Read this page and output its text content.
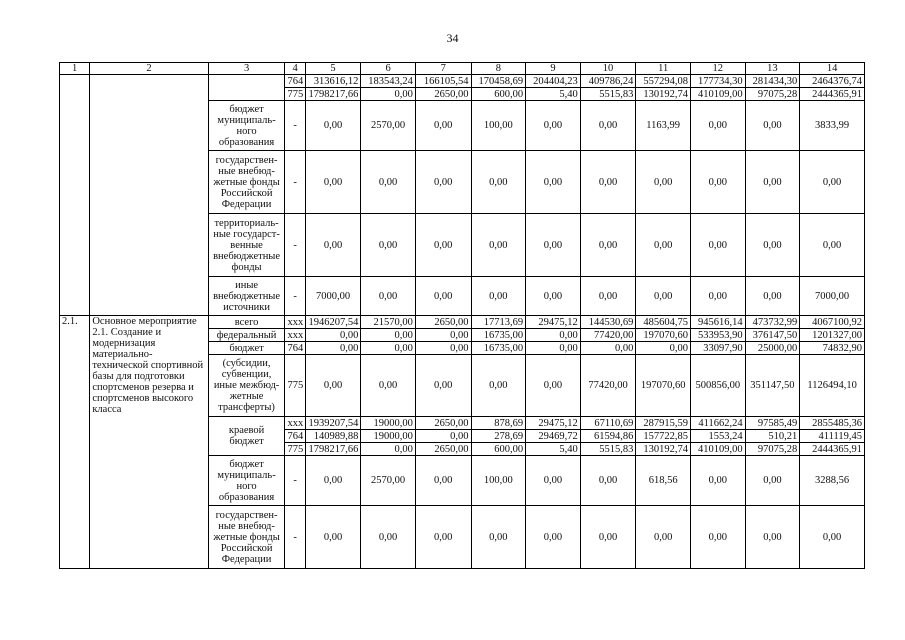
34
1	2	3	4	5	6	7	8	9	10	11	12	13	14
			764	313616,12	183543,24	166105,54	170458,69	204404,23	409786,24	557294,08	177734,30	281434,30	2464376,74
			775	1798217,66	0,00	2650,00	600,00	5,40	5515,83	130192,74	410109,00	97075,28	2444365,91
		бюджет муниципаль-ного образования	-	0,00	2570,00	0,00	100,00	0,00	0,00	1163,99	0,00	0,00	3833,99
		государствен-ные внебюд-жетные фонды Российской Федерации	-	0,00	0,00	0,00	0,00	0,00	0,00	0,00	0,00	0,00	0,00
		территориаль-ные государст-венные внебюджетные фонды	-	0,00	0,00	0,00	0,00	0,00	0,00	0,00	0,00	0,00	0,00
		иные внебюджетные источники	-	7000,00	0,00	0,00	0,00	0,00	0,00	0,00	0,00	0,00	7000,00
2.1.	Основное мероприятие 2.1. Создание и модернизация материально-технической спортивной базы для подготовки спортсменов резерва и спортсменов высокого класса	всего	xxx	1946207,54	21570,00	2650,00	17713,69	29475,12	144530,69	485604,75	945616,14	473732,99	4067100,92
		федеральный	xxx	0,00	0,00	0,00	16735,00	0,00	77420,00	197070,60	533953,90	376147,50	1201327,00
		бюджет	764	0,00	0,00	0,00	16735,00	0,00	0,00	0,00	33097,90	25000,00	74832,90
		(субсидии, субвенции, иные межбюд-жетные трансферты)	775	0,00	0,00	0,00	0,00	0,00	77420,00	197070,60	500856,00	351147,50	1126494,10
		краевой бюджет	xxx	1939207,54	19000,00	2650,00	878,69	29475,12	67110,69	287915,59	411662,24	97585,49	2855485,36
			764	140989,88	19000,00	0,00	278,69	29469,72	61594,86	157722,85	1553,24	510,21	411119,45
			775	1798217,66	0,00	2650,00	600,00	5,40	5515,83	130192,74	410109,00	97075,28	2444365,91
		бюджет муниципаль-ного образования	-	0,00	2570,00	0,00	100,00	0,00	0,00	618,56	0,00	0,00	3288,56
		государствен-ные внебюд-жетные фонды Российской Федерации	-	0,00	0,00	0,00	0,00	0,00	0,00	0,00	0,00	0,00	0,00
